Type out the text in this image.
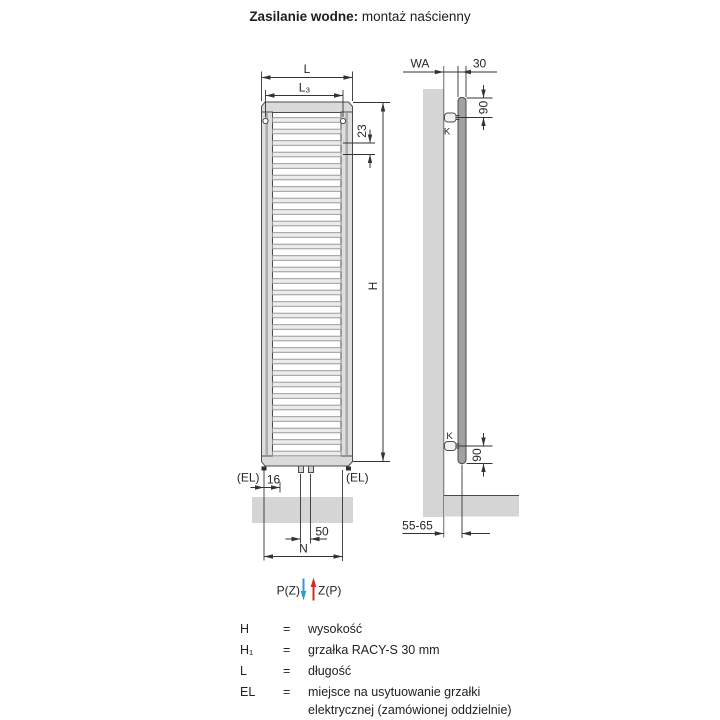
Zasilanie wodne: montaż naścienny
L
L₃
23
H
(EL)	(EL)
16
50
N
P(Z) Z(P)
K
K
WA	30
90
90
55-65
H	=	wysokość
H₁	=	grzałka RACY-S 30 mm
L	=	długość
EL	=	miejsce na usytuowanie grzałki elektrycznej (zamówionej oddzielnie)
